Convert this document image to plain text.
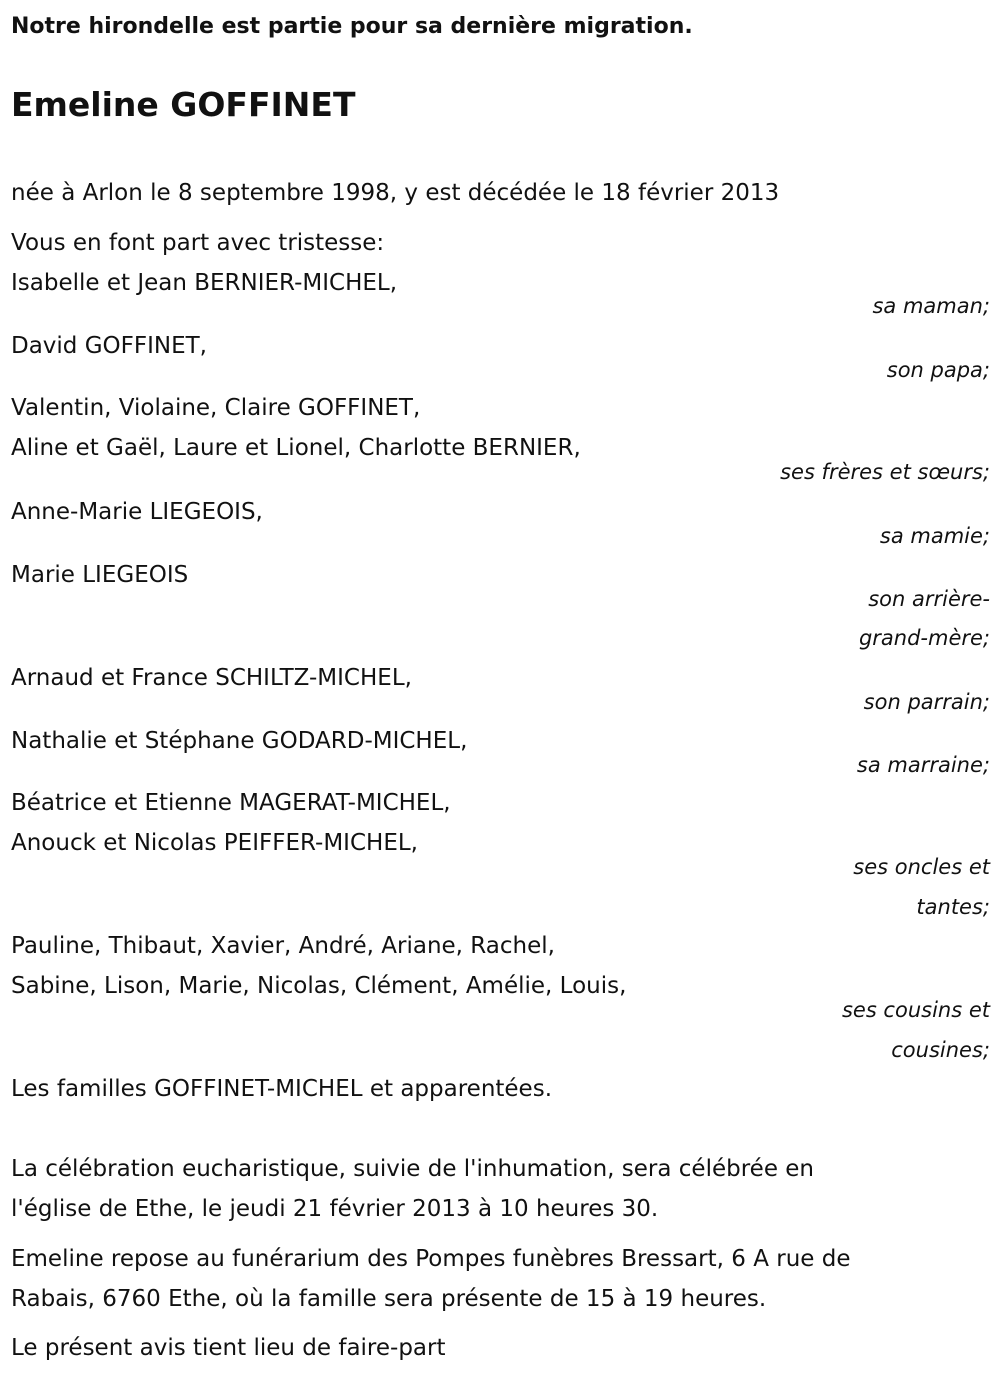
Notre hirondelle est partie pour sa dernière migration.
Emeline GOFFINET
née à Arlon le 8 septembre 1998, y est décédée le 18 février 2013
Vous en font part avec tristesse:
Isabelle et Jean BERNIER-MICHEL,
sa maman;
David GOFFINET,
son papa;
Valentin, Violaine, Claire GOFFINET,
Aline et Gaël, Laure et Lionel, Charlotte BERNIER,
ses frères et sœurs;
Anne-Marie LIEGEOIS,
sa mamie;
Marie LIEGEOIS
son arrière-
grand-mère;
Arnaud et France SCHILTZ-MICHEL,
son parrain;
Nathalie et Stéphane GODARD-MICHEL,
sa marraine;
Béatrice et Etienne MAGERAT-MICHEL,
Anouck et Nicolas PEIFFER-MICHEL,
ses oncles et
tantes;
Pauline, Thibaut, Xavier, André, Ariane, Rachel,
Sabine, Lison, Marie, Nicolas, Clément, Amélie, Louis,
ses cousins et
cousines;
Les familles GOFFINET-MICHEL et apparentées.
La célébration eucharistique, suivie de l'inhumation, sera célébrée en
l'église de Ethe, le jeudi 21 février 2013 à 10 heures 30.
Emeline repose au funérarium des Pompes funèbres Bressart, 6 A rue de
Rabais, 6760 Ethe, où la famille sera présente de 15 à 19 heures.
Le présent avis tient lieu de faire-part
